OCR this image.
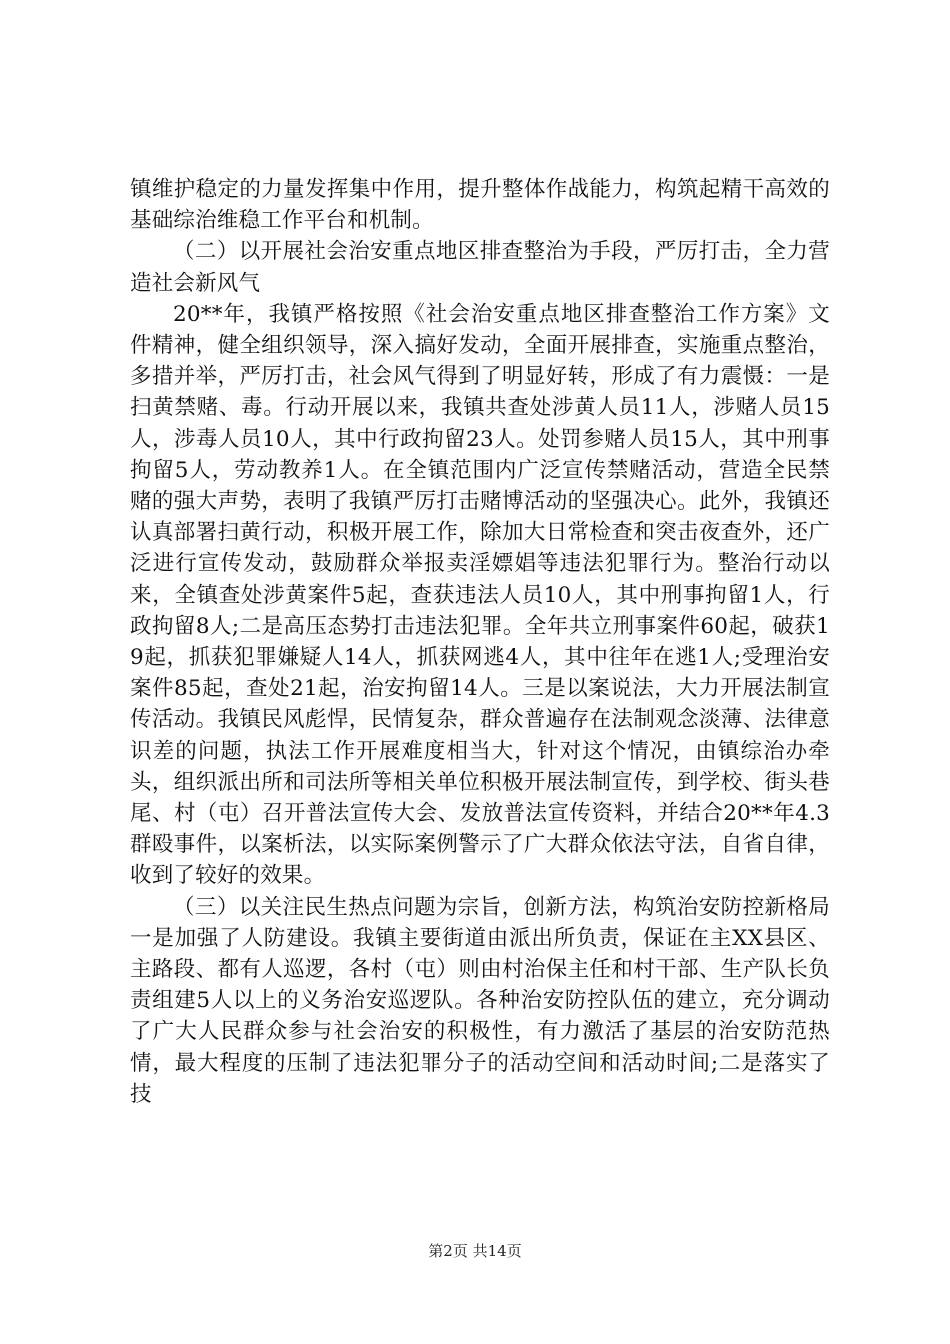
镇维护稳定的力量发挥集中作用，提升整体作战能力，构筑起精干高效的基础综治维稳工作平台和机制。

（二）以开展社会治安重点地区排查整治为手段，严厉打击，全力营造社会新风气

20**年，我镇严格按照《社会治安重点地区排查整治工作方案》文件精神，健全组织领导，深入搞好发动，全面开展排查，实施重点整治，多措并举，严厉打击，社会风气得到了明显好转，形成了有力震慑：一是扫黄禁赌、毒。行动开展以来，我镇共查处涉黄人员11人，涉赌人员15人，涉毒人员10人，其中行政拘留23人。处罚参赌人员15人，其中刑事拘留5人，劳动教养1人。在全镇范围内广泛宣传禁赌活动，营造全民禁赌的强大声势，表明了我镇严厉打击赌博活动的坚强决心。此外，我镇还认真部署扫黄行动，积极开展工作，除加大日常检查和突击夜查外，还广泛进行宣传发动，鼓励群众举报卖淫嫖娼等违法犯罪行为。整治行动以来，全镇查处涉黄案件5起，查获违法人员10人，其中刑事拘留1人，行政拘留8人;二是高压态势打击违法犯罪。全年共立刑事案件60起，破获19起，抓获犯罪嫌疑人14人，抓获网逃4人，其中往年在逃1人;受理治安案件85起，查处21起，治安拘留14人。三是以案说法，大力开展法制宣传活动。我镇民风彪悍，民情复杂，群众普遍存在法制观念淡薄、法律意识差的问题，执法工作开展难度相当大，针对这个情况，由镇综治办牵头，组织派出所和司法所等相关单位积极开展法制宣传，到学校、街头巷尾、村（屯）召开普法宣传大会、发放普法宣传资料，并结合20**年4.3群殴事件，以案析法，以实际案例警示了广大群众依法守法，自省自律，收到了较好的效果。

（三）以关注民生热点问题为宗旨，创新方法，构筑治安防控新格局一是加强了人防建设。我镇主要街道由派出所负责，保证在主XX县区、主路段、都有人巡逻，各村（屯）则由村治保主任和村干部、生产队长负责组建5人以上的义务治安巡逻队。各种治安防控队伍的建立，充分调动了广大人民群众参与社会治安的积极性，有力激活了基层的治安防范热情，最大程度的压制了违法犯罪分子的活动空间和活动时间;二是落实了技

第2页 共14页
